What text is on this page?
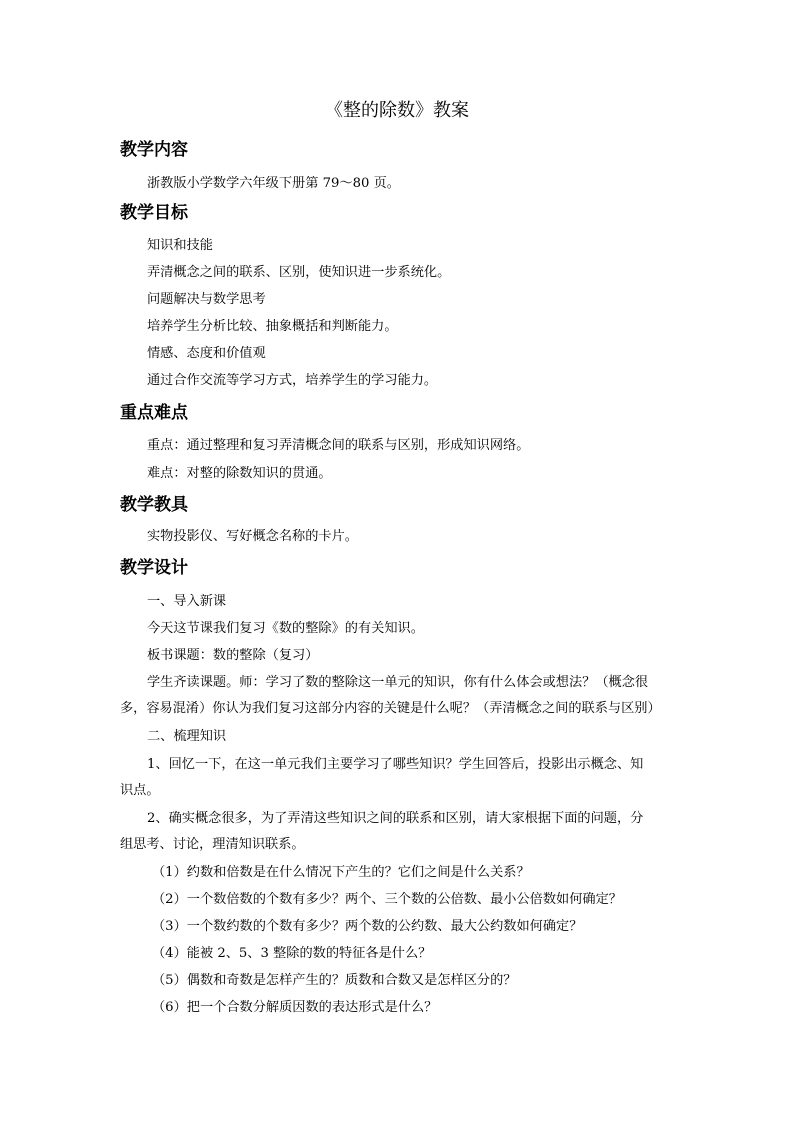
《整的除数》教案
教学内容
浙教版小学数学六年级下册第 79～80 页。
教学目标
知识和技能
弄清概念之间的联系、区别，使知识进一步系统化。
问题解决与数学思考
培养学生分析比较、抽象概括和判断能力。
情感、态度和价值观
通过合作交流等学习方式，培养学生的学习能力。
重点难点
重点：通过整理和复习弄清概念间的联系与区别，形成知识网络。
难点：对整的除数知识的贯通。
教学教具
实物投影仪、写好概念名称的卡片。
教学设计
一、导入新课
今天这节课我们复习《数的整除》的有关知识。
板书课题：数的整除（复习）
学生齐读课题。师：学习了数的整除这一单元的知识，你有什么体会或想法？（概念很
多，容易混淆）你认为我们复习这部分内容的关键是什么呢？（弄清概念之间的联系与区别）
二、梳理知识
1、回忆一下，在这一单元我们主要学习了哪些知识？学生回答后，投影出示概念、知
识点。
2、确实概念很多，为了弄清这些知识之间的联系和区别，请大家根据下面的问题，分
组思考、讨论，理清知识联系。
（1）约数和倍数是在什么情况下产生的？它们之间是什么关系？
（2）一个数倍数的个数有多少？两个、三个数的公倍数、最小公倍数如何确定？
（3）一个数约数的个数有多少？两个数的公约数、最大公约数如何确定？
（4）能被 2、5、3 整除的数的特征各是什么？
（5）偶数和奇数是怎样产生的？质数和合数又是怎样区分的？
（6）把一个合数分解质因数的表达形式是什么？
